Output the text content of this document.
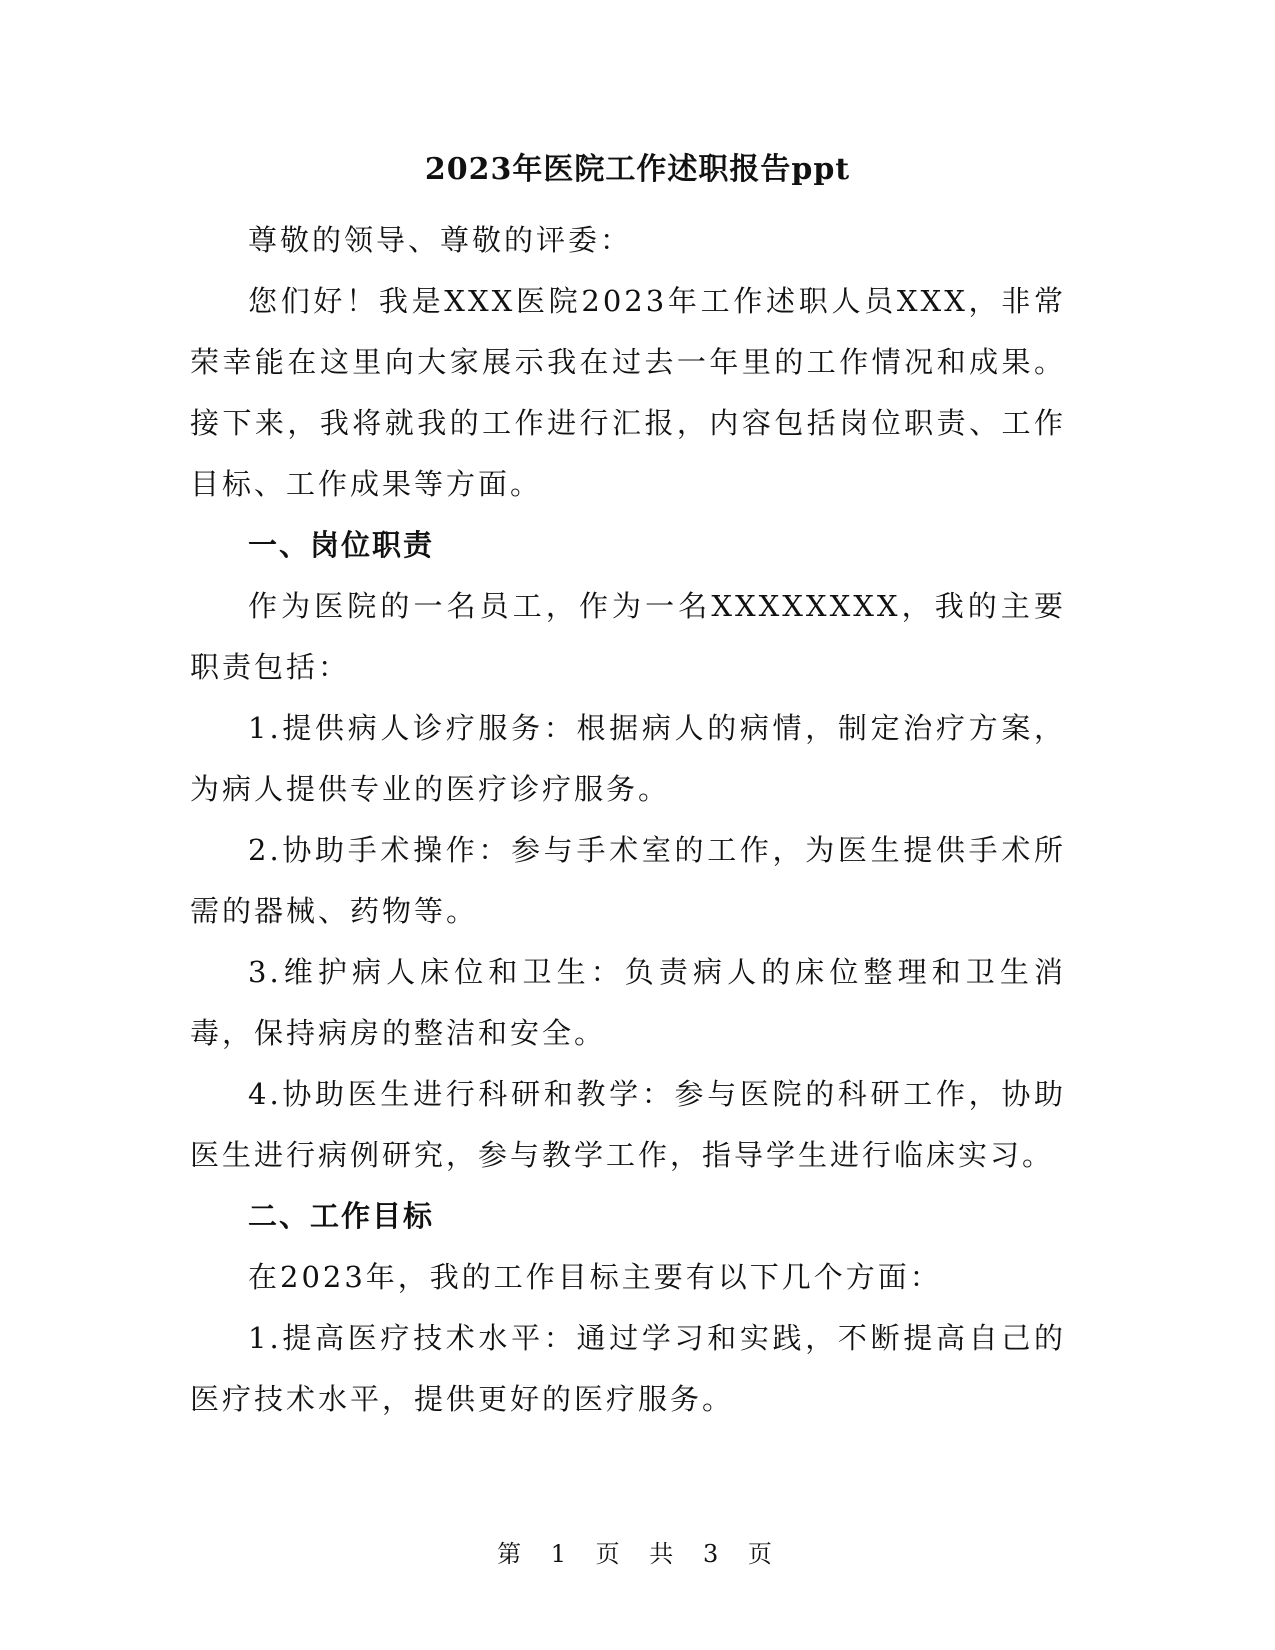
2023年医院工作述职报告ppt

尊敬的领导、尊敬的评委：

您们好！我是XXX医院2023年工作述职人员XXX，非常荣幸能在这里向大家展示我在过去一年里的工作情况和成果。接下来，我将就我的工作进行汇报，内容包括岗位职责、工作目标、工作成果等方面。

一、岗位职责

作为医院的一名员工，作为一名XXXXXXXX，我的主要职责包括：

1.提供病人诊疗服务：根据病人的病情，制定治疗方案，为病人提供专业的医疗诊疗服务。

2.协助手术操作：参与手术室的工作，为医生提供手术所需的器械、药物等。

3.维护病人床位和卫生：负责病人的床位整理和卫生消毒，保持病房的整洁和安全。

4.协助医生进行科研和教学：参与医院的科研工作，协助医生进行病例研究，参与教学工作，指导学生进行临床实习。

二、工作目标

在2023年，我的工作目标主要有以下几个方面：

1.提高医疗技术水平：通过学习和实践，不断提高自己的医疗技术水平，提供更好的医疗服务。

第 1 页 共 3 页
